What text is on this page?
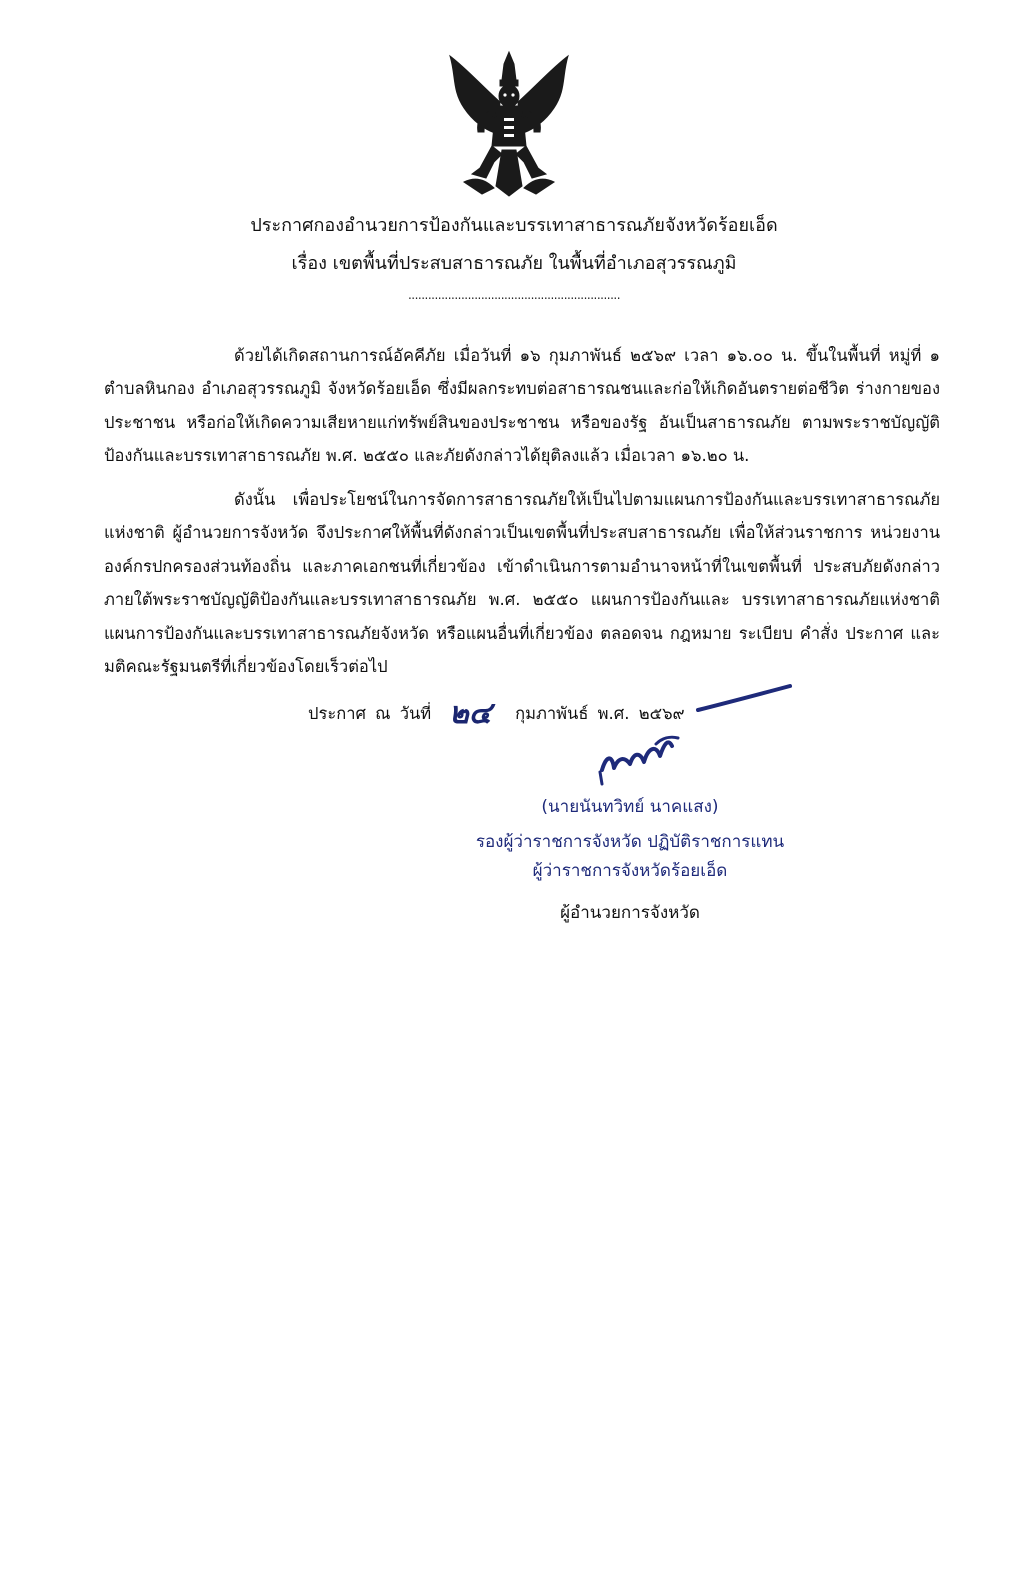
ประกาศกองอำนวยการป้องกันและบรรเทาสาธารณภัยจังหวัดร้อยเอ็ด
เรื่อง เขตพื้นที่ประสบสาธารณภัย ในพื้นที่อำเภอสุวรรณภูมิ
................................................................

ด้วยได้เกิดสถานการณ์อัคคีภัย เมื่อวันที่ ๑๖ กุมภาพันธ์ ๒๕๖๙ เวลา ๑๖.๐๐ น. ขึ้นในพื้นที่ หมู่ที่ ๑ ตำบลหินกอง อำเภอสุวรรณภูมิ จังหวัดร้อยเอ็ด ซึ่งมีผลกระทบต่อสาธารณชนและก่อให้เกิดอันตรายต่อชีวิต ร่างกายของประชาชน หรือก่อให้เกิดความเสียหายแก่ทรัพย์สินของประชาชน หรือของรัฐ อันเป็นสาธารณภัย ตามพระราชบัญญัติป้องกันและบรรเทาสาธารณภัย พ.ศ. ๒๕๕๐ และภัยดังกล่าวได้ยุติลงแล้ว เมื่อเวลา ๑๖.๒๐ น.

ดังนั้น เพื่อประโยชน์ในการจัดการสาธารณภัยให้เป็นไปตามแผนการป้องกันและบรรเทาสาธารณภัย แห่งชาติ ผู้อำนวยการจังหวัด จึงประกาศให้พื้นที่ดังกล่าวเป็นเขตพื้นที่ประสบสาธารณภัย เพื่อให้ส่วนราชการ หน่วยงาน องค์กรปกครองส่วนท้องถิ่น และภาคเอกชนที่เกี่ยวข้อง เข้าดำเนินการตามอำนาจหน้าที่ในเขตพื้นที่ ประสบภัยดังกล่าว ภายใต้พระราชบัญญัติป้องกันและบรรเทาสาธารณภัย พ.ศ. ๒๕๕๐ แผนการป้องกันและ บรรเทาสาธารณภัยแห่งชาติ แผนการป้องกันและบรรเทาสาธารณภัยจังหวัด หรือแผนอื่นที่เกี่ยวข้อง ตลอดจน กฎหมาย ระเบียบ คำสั่ง ประกาศ และมติคณะรัฐมนตรีที่เกี่ยวข้องโดยเร็วต่อไป

ประกาศ ณ วันที่	กุมภาพันธ์ พ.ศ. ๒๕๖๙
๒๔
(นายนันทวิทย์ นาคแสง)
รองผู้ว่าราชการจังหวัด ปฏิบัติราชการแทน
ผู้ว่าราชการจังหวัดร้อยเอ็ด
ผู้อำนวยการจังหวัด
